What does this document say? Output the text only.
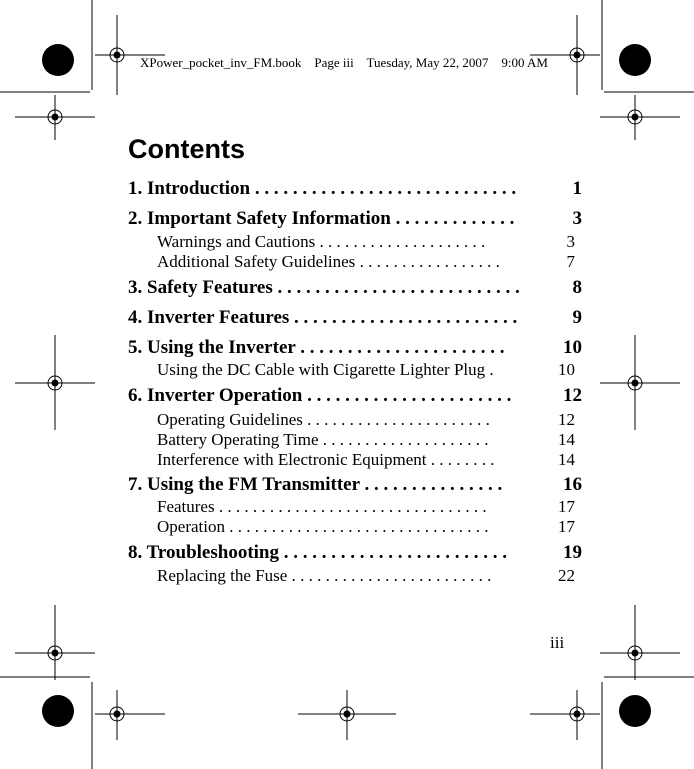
XPower_pocket_inv_FM.book    Page iii    Tuesday, May 22, 2007    9:00 AM
Contents
1. Introduction . . . . . . . . . . . . . . . . . . . . . . . . . . . .	1
2. Important Safety Information . . . . . . . . . . . . .	3
Warnings and Cautions . . . . . . . . . . . . . . . . . . . .	3
Additional Safety Guidelines . . . . . . . . . . . . . . . . .	7
3. Safety Features . . . . . . . . . . . . . . . . . . . . . . . . . .	8
4. Inverter Features . . . . . . . . . . . . . . . . . . . . . . . .	9
5. Using the Inverter . . . . . . . . . . . . . . . . . . . . . .	10
Using the DC Cable with Cigarette Lighter Plug .	10
6. Inverter Operation . . . . . . . . . . . . . . . . . . . . . .	12
Operating Guidelines . . . . . . . . . . . . . . . . . . . . . .	12
Battery Operating Time . . . . . . . . . . . . . . . . . . . .	14
Interference with Electronic Equipment . . . . . . . .	14
7. Using the FM Transmitter . . . . . . . . . . . . . . .	16
Features . . . . . . . . . . . . . . . . . . . . . . . . . . . . . . . .	17
Operation . . . . . . . . . . . . . . . . . . . . . . . . . . . . . . .	17
8. Troubleshooting . . . . . . . . . . . . . . . . . . . . . . . .	19
Replacing the Fuse . . . . . . . . . . . . . . . . . . . . . . . .	22
iii
